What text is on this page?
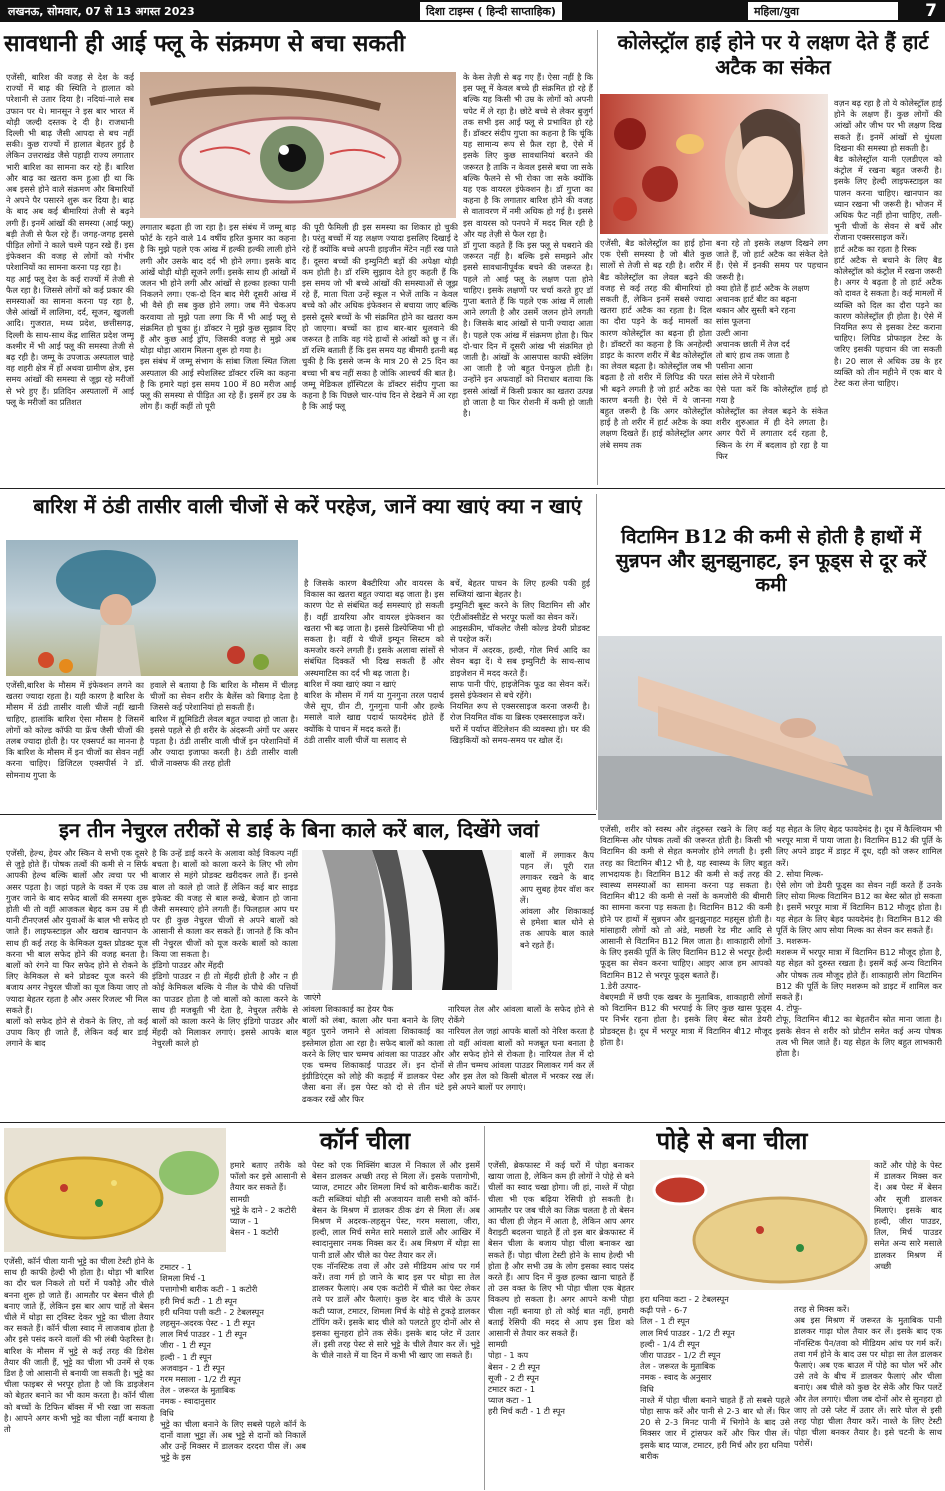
लखनऊ, सोमवार, 07 से 13 अगस्त 2023	दिशा टाइम्स ( हिन्दी साप्ताहिक)	महिला/युवा	7
सावधानी ही आई फ्लू के संक्रमण से बचा सकती
एजेंसी, बारिश की वजह से देश के कई राज्यों में बाढ़ की स्थिति ने हालात को परेशानी से उतार दिया है। नदियां-नाले सब उफान पर थे। मानसून ने इस बार भारत में थोड़ी जल्दी दस्तक दे दी है। राजधानी दिल्ली भी बाढ़ जैसी आपदा से बच नहीं सकी। कुछ राज्यों में हालात बेहतर हुई है लेकिन उत्तराखंड जैसे पहाड़ी राज्य लगातार भारी बारिश का सामना कर रहे हैं। बारिश और बाढ़ का खतरा कम हुआ ही था कि अब इससे होने वाले संक्रमण और बिमारियों ने अपने पैर पसारने शुरू कर दिया है। बाढ़ के बाद अब कई बीमारियां तेजी से बढ़ने लगी हैं। इनमें आंखों की समस्या (आई फ्लू) बड़ी तेजी से फैल रहे हैं। जगह-जगह इससे पीड़ित लोगों ने काले चश्मे पहन रखे हैं। इस इंफेक्शन की वजह से लोगों को गंभीर परेशानियों का सामना करना पड़ रहा है।
यह आई फ्लू देश के कई राज्यों में तेजी से फैल रहा है। जिससे लोगों को कई प्रकार की समस्याओं का सामना करना पड़ रहा है, जैसे आंखों में लालिमा, दर्द, सूजन, खुजली आदि। गुजरात, मध्य प्रदेश, छत्तीसगढ़, दिल्ली के साथ-साथ केंद्र शासित प्रदेश जम्मू कश्मीर में भी आई फ्लू की समस्या तेजी से बढ़ रही है। जम्मू के उपजाऊ अस्पताल चाहे वह शहरी क्षेत्र में हों अथवा ग्रामीण क्षेत्र, इस समय आंखों की समस्या से जूझ रहे मरीजों से भरे हुए हैं। प्रतिदिन अस्पतालों में आई फ्लू के मरीजों का प्रतिशत
लगातार बढ़ता ही जा रहा है। इस संबंध में जम्मू बाड़ फोर्ट के रहने वाले 14 वर्षीय हरित कुमार का कहना है कि मुझे पहले एक आंख में हल्की हल्की लाली होने लगी और उसके बाद दर्द भी होने लगा। इसके बाद आंखें थोड़ी थोड़ी सूजने लगीं। इसके साथ ही आंखों में जलन भी होने लगी और आंखों से हल्का हल्का पानी निकलने लगा। एक-दो दिन बाद मेरी दूसरी आंख में भी वैसे ही सब कुछ होने लगा। जब मैंने चेकअप करवाया तो मुझे पता लगा कि मैं भी आई फ्लू से संक्रमित हो चुका हूं। डॉक्टर ने मुझे कुछ सुझाव दिए हैं और कुछ आई ड्रॉप, जिसकी वजह से मुझे अब थोड़ा थोड़ा आराम मिलना शुरू हो गया है।
इस संबंध में जम्मू संभाग के सांबा जिला स्थित जिला अस्पताल की आई स्पेशलिस्ट डॉक्टर रश्मि का कहना है कि हमारे यहां इस समय 100 में 80 मरीज आई फ्लू की समस्या से पीड़ित आ रहे हैं। इसमें हर उम्र के लोग हैं। कहीं कहीं तो पूरी
की पूरी फैमिली ही इस समस्या का शिकार हो चुकी है। परंतु बच्चों में यह लक्षण ज्यादा इसलिए दिखाई दे रहे हैं क्योंकि बच्चे अपनी हाइजीन मेंटेन नहीं रख पाते हैं। दूसरा बच्चों की इम्युनिटी बड़ों की अपेक्षा थोड़ी कम होती है। डॉ रश्मि सुझाव देते हुए कहती हैं कि इस समय जो भी बच्चे आंखों की समस्याओं से जूझ रहे हैं, माता पिता उन्हें स्कूल न भेजें ताकि न केवल बच्चे को और अधिक इंफेक्शन से बचाया जाए बल्कि इससे दूसरे बच्चों के भी संक्रमित होने का खतरा कम हो जाएगा। बच्चों का हाथ बार-बार धुलवाने की जरूरत है ताकि वह गंदे हाथों से आंखों को छू न लें। डॉ रश्मि बताती हैं कि इस समय यह बीमारी इतनी बढ़ चुकी है कि इससे जन्म के मात्र 20 से 25 दिन का बच्चा भी बच नहीं सका है जोकि आश्चर्य की बात है।
जम्मू मेडिकल हॉस्पिटल के डॉक्टर संदीप गुप्ता का कहना है कि पिछले चार-पांच दिन से देखने में आ रहा है कि आई फ्लू
के केस तेज़ी से बढ़ गए हैं। ऐसा नहीं है कि इस फ्लू में केवल बच्चे ही संक्रमित हो रहे हैं बल्कि यह किसी भी उम्र के लोगों को अपनी चपेट में ले रहा है। छोटे बच्चे से लेकर बुजुर्ग तक सभी इस आई फ्लू से प्रभावित हो रहे हैं। डॉक्टर संदीप गुप्ता का कहना है कि चूंकि यह सामान्य रूप से फ़ैल रहा है, ऐसे में इसके लिए कुछ सावधानियां बरतने की जरूरत है ताकि न केवल इससे बचा जा सके बल्कि फैलने से भी रोका जा सके क्योंकि यह एक वायरल इंफेक्शन है। डॉ गुप्ता का कहना है कि लगातार बारिश होने की वजह से वातावरण में नमी अधिक हो गई है। इससे इस वायरस को पनपने में मदद मिल रही है और यह तेज़ी से फैल रहा है।
डॉ गुप्ता कहते हैं कि इस फ्लू से घबराने की जरूरत नहीं है। बल्कि इसे समझने और इससे सावधानीपूर्वक बचने की जरूरत है। पहले तो आई फ्लू के लक्षण पता होने चाहिए। इसके लक्षणों पर चर्चा करते हुए डॉ गुप्ता बताते हैं कि पहले एक आंख में लाली आने लगती है और उसमें जलन होने लगती है। जिसके बाद आंखों से पानी ज्यादा आता है। पहले एक आंख में संक्रमण होता है। फिर दो-चार दिन में दूसरी आंख भी संक्रमित हो जाती है। आंखों के आसपास काफी स्वेलिंग आ जाती है जो बहुत पेनफुल होती है। उन्होंने इन अफवाहों को निराधार बताया कि इससे आंखों में किसी प्रकार का खतरा उत्पन्न हो जाता है या फिर रोशनी में कमी हो जाती है।
कोलेस्ट्रॉल हाई होने पर ये लक्षण देते हैं हार्ट अटैक का संकेत
एजेंसी, बैड कोलेस्ट्रॉल का हाई होना एक ऐसी समस्या है जो बीते कुछ सालों से तेजी से बढ़ रही है। शरीर में बैड कोलेस्ट्रॉल का लेवल बढ़ने की वजह से कई तरह की बीमारियां हो सकती हैं, लेकिन इनमें सबसे ज्यादा खतरा हार्ट अटैक का रहता है। दिल का दौरा पड़ने के कई मामलों का कारण कोलेस्ट्रॉल का बढ़ना ही होता है। डॉक्टरों का कहना है कि अनहेल्दी डाइट के कारण शरीर में बैड कोलेस्ट्रॉल का लेवल बढ़ता है। कोलेस्ट्रॉल जब भी बढ़ता है तो शरीर में लिपिड की परत भी बढ़ने लगती है जो हार्ट अटैक का कारण बनती है। ऐसे में ये जानना बहुत जरूरी है कि अगर कोलेस्ट्रॉल हाई है तो शरीर में हार्ट अटैक के क्या लक्षण दिखते हैं। हाई कोलेस्ट्रॉल अगर लंबे समय तक
बना रहे तो इसके लक्षण दिखने लग जाते हैं, जो हार्ट अटैक का संकेत देते हैं। ऐसे में इनकी समय पर पहचान जरूरी है।
क्या होते हैं हार्ट अटैक के लक्षण
अचानक हार्ट बीट का बढ़ना
थकान और सुस्ती बने रहना
सांस फूलना
उल्टी आना
अचानक छाती में तेज दर्द
तो बाएं हाथ तक जाता है
पसीना आना
सांस लेने में परेशानी
ऐसे पता करें कि कोलेस्ट्रॉल हाई हो गया है
कोलेस्ट्रॉल का लेवल बढ़ने के संकेत शरीर शुरुआत में ही देने लगता है। अगर पैरों में लगातार दर्द रहता है, स्किन के रंग में बदलाव हो रहा है या फिर
वज़न बढ़ रहा है तो ये कोलेस्ट्रॉल हाई होने के लक्षण हैं। कुछ लोगों की आंखों और जीभ पर भी लक्षण दिख सकते हैं। इनमें आंखों से धुंधला दिखना की समस्या हो सकती है।
बैड कोलेस्ट्रॉल यानी एलडीएल को कंट्रोल में रखना बहुत जरूरी है। इसके लिए हेल्दी लाइफस्टाइल का पालन करना चाहिए। खानपान का ध्यान रखना भी जरूरी है। भोजन में अधिक फैट नहीं होना चाहिए, तली-भुनी चीजों के सेवन से बचें और रोजाना एक्सरसाइज करें।
हार्ट अटैक का रहता है रिस्क
हार्ट अटैक से बचाने के लिए बैड कोलेस्ट्रॉल को कंट्रोल में रखना जरूरी है। अगर ये बढ़ता है तो हार्ट अटैक को दावत दे सकता है। कई मामलों में व्यक्ति को दिल का दौरा पड़ने का कारण कोलेस्ट्रॉल ही होता है। ऐसे में नियमित रूप से इसका टेस्ट कराना चाहिए। लिपिड प्रोफाइल टेस्ट के जरिए इसकी पहचान की जा सकती है। 20 साल से अधिक उम्र के हर व्यक्ति को तीन महीने में एक बार ये टेस्ट करा लेना चाहिए।
बारिश में ठंडी तासीर वाली चीजों से करें परहेज, जानें क्या खाएं क्या न खाएं
एजेंसी,बारिश के मौसम में इंफेक्शन लगने का खतरा ज्यादा रहता है। यही कारण है बारिश के मौसम में ठंडी तासीर वाली चीजें नहीं खानी चाहिए, हालांकि बारिश ऐसा मौसम है जिसमें लोगों को कोल्ड कॉफी या फ्रेंच जैसी चीजों की तलब ज्यादा होती है। पर एक्सपर्ट का मानना है कि बारिश के मौसम में इन चीजों का सेवन नहीं करना चाहिए। डिजिटल एक्सपीर्स ने डॉ. सोमनाथ गुप्ता के
हवाले से बताया है कि बारिश के मौसम में चीलड़ चीजों का सेवन शरीर के बैलेंस को बिगाड़ देता है जिससे कई परेशानियां हो सकती हैं।
बारिश में ह्यूमिडिटी लेवल बहुत ज्यादा हो जाता है। इससे पहले से ही शरीर के अंदरूनी अंगों पर असर पड़ता है। ठंडी तासीर वाली चीजें इन परेशानियों में और ज्यादा इजाफा करती है। ठंडी तासीर वाली चीजें नाक्सफ की तरह होती
है जिसके कारण बैक्टीरिया और वायरस के विकास का खतरा बहुत ज्यादा बढ़ जाता है। इस कारण पेट से संबंधित कई समस्याएं हो सकती हैं। वहीं डायरिया और वायरल इंफेक्शन का खतरा भी बढ़ जाता है। इससे डिस्पेप्सिया भी हो सकता है। वहीं ये चीजें इम्यून सिस्टम को कमजोर करने लगती हैं। इसके अलावा सांसों से संबंधित दिक्कतें भी दिख सकती हैं और अस्थमाटिस का दर्द भी बढ़ जाता है।
बारिश में क्या खाएं क्या न खाएं
बारिश के मौसम में गर्म या गुनगुना तरल पदार्थ जैसे सूप, ग्रीन टी, गुनगुना पानी और हल्के मसाले वाले खाद्य पदार्थ फायदेमंद होते हैं क्योंकि ये पाचन में मदद करते हैं।
ठंडी तासीर वाली चीजें या सलाद से
बचें, बेहतर पाचन के लिए हल्की पकी हुई सब्जियां खाना बेहतर है।
इम्युनिटी बूस्ट करने के लिए विटामिन सी और एंटीऑक्सीडेंट से भरपूर फलों का सेवन करें।
आइसक्रीम, चॉकलेट जैसी कोल्ड डेयरी प्रोडक्ट से परहेज करें।
भोजन में अदरक, हल्दी, गोल मिर्च आदि का सेवन बढ़ा दें। ये सब इम्युनिटी के साथ-साथ डाइजेशन में मदद करते हैं।
साफ पानी पीएं, हाइजेनिक फूड का सेवन करें। इससे इंफेक्शन से बचे रहेंगे।
नियमित रूप से एक्सरसाइज करना जरूरी है। रोज नियमित वॉक या ब्रिस्क एक्सरसाइज करें।
घरों में पर्याप्त वेंटिलेशन की व्यवस्था हो। घर की खिड़कियों को समय-समय पर खोल दें।
विटामिन B12 की कमी से होती है हाथों में सुन्नपन और झुनझुनाहट, इन फूड्स से दूर करें कमी
एजेंसी, शरीर को स्वस्थ और तंदुरुस्त रखने के लिए कई विटामिन्स और पोषक तत्वों की जरूरत होती है। किसी भी विटामिन की कमी से सेहत कमजोर होने लगती है। इसी तरह का विटामिन बी12 भी है, यह स्वास्थ्य के लिए बहुत लाभदायक है। विटामिन B12 की कमी से कई तरह की स्वास्थ्य समस्याओं का सामना करना पड़ सकता है। विटामिन बी12 की कमी से नसों के कमजोरी की बीमारी का सामना करना पड़ सकता है। विटामिन B12 की कमी होने पर हाथों में सुन्नपन और झुनझुनाहट महसूस होती है। मांसाहारी लोगों को तो अंडे, मछली रेड मीट आदि से आसानी से विटामिन B12 मिल जाता है। शाकाहारी लोगों के लिए इसकी पूर्ति के लिए विटामिन B12 से भरपूर हेल्दी फूड्स का सेवन करना चाहिए। आइए आज हम आपको विटामिन B12 से भरपूर फूड्स बताते हैं।
1.डेरी उत्पाद-
वेबएमडी में छपी एक खबर के मुताबिक, शाकाहारी लोगों को विटामिन B12 की भरपाई के लिए कुछ खास फूड्स पर निर्भर रहना होता है। इसके लिए बेस्ट स्रोत डेयरी प्रोडक्ट्स है। दूध में भरपूर मात्रा में विटामिन बी12 मौजूद होता है।
यह सेहत के लिए बेहद फायदेमंद है। दूध में कैल्शियम भी भरपूर मात्रा में पाया जाता है। विटामिन B12 की पूर्ति के लिए अपने डाइट में डाइट में दूध, दही को जरूर शामिल करें।
2. सोया मिल्क-
ऐसे लोग जो डेयरी फूड्स का सेवन नहीं करते हैं उनके लिए सोया मिल्क विटामिन B12 का बेस्ट स्रोत हो सकता है। इसमें भरपूर मात्रा में विटामिन B12 मौजूद होता है। यह सेहत के लिए बेहद फायदेमंद है। विटामिन B12 की पूर्ति के लिए आप सोया मिल्क का सेवन कर सकते हैं।
3. मशरूम-
मशरूम में भरपूर मात्रा में विटामिन B12 मौजूद होता है, यह सेहत को दुरुस्त रखता है। इसमें कई अन्य विटामिन और पोषक तत्व मौजूद होते हैं। शाकाहारी लोग विटामिन B12 की पूर्ति के लिए मशरूम को डाइट में शामिल कर सकते हैं।
4. टोफू-
टोफू, विटामिन बी12 का बेहतरीन स्रोत माना जाता है। इसके सेवन से शरीर को प्रोटीन समेत कई अन्य पोषक तत्व भी मिल जाते हैं। यह सेहत के लिए बहुत लाभकारी होता है।
इन तीन नेचुरल तरीकों से डाई के बिना काले करें बाल, दिखेंगे जवां
एजेंसी, हेल्थ, हेयर और स्किन ये सभी एक दूसरे से जुड़े होते हैं। पोषक तत्वों की कमी से न सिर्फ आपकी हेल्थ बल्कि बालों और त्वचा पर भी असर पड़ता है। जहां पहले के वक्त में एक उम्र गुजर जाने के बाद सफेद बालों की समस्या शुरू होती थी तो वहीं आजकल बेहद कम उम्र में ही यानी टीनएजर्स और युवाओं के बाल भी सफेद हो जाते हैं। लाइफस्टाइल और खराब खानपान के साथ ही कई तरह के केमिकल युक्त प्रोडक्ट यूज करना भी बाल सफेद होने की वजह बनता है। बालों को रंगने या फिर सफेद होने से रोकने के लिए केमिकल से बने प्रोडक्ट यूज करने की बजाय अगर नेचुरल चीजों का यूज किया जाए तो ज्यादा बेहतर रहता है और असर रिजल्ट भी मिल सकते हैं।
बालों को सफेद होने से रोकने के लिए, तो कई उपाय किए ही जाते हैं, लेकिन कई बार डाई लगाने के बाद
है कि उन्हें डाई करने के अलावा कोई विकल्प नहीं बचता है। बालों को काला करने के लिए भी लोग बाजार से महंगे प्रोडक्ट खरीदकर लाते हैं। इनसे बाल तो काले हो जाते हैं लेकिन कई बार साइड इफेक्ट की वजह से बाल रूखे, बेजान हो जाना जैसी समस्याएं होने लगती हैं। फिलहाल आप घर पर ही कुछ नेचुरल चीजों से अपने बालों को आसानी से काला कर सकते हैं। जानते हैं कि कौन सी नेचुरल चीजों को यूज करके बालों को काला किया जा सकता है।
इंडिगो पाउडर और मेंहदी
इंडिगो पाउडर न ही तो मेंहदी होती है और न ही कोई केमिकल बल्कि ये नील के पौधे की पत्तियों का पाउडर होता है जो बालों को काला करने के साथ ही मजबूती भी देता है, नेचुरल तरीके से बालों को काला करने के लिए इंडिगो पाउडर और मेंहदी को मिलाकर लगाएं। इससे आपके बाल नेचुरली काले हो
जाएंगे
बालों में लगाकर कैप पहन लें। पूरी रात लगाकर रखने के बाद आप सुबह हेयर वॉश कर लें।
आंवला और शिकाकाई से हमेशा बाल धोने से तक आपके बाल काले बने रहते हैं।
आंवला शिकाकाई का हेयर पैक
बालों को लंबा, काला और घना बनाने के लिए बहुत पुराने जमाने से आंवला शिकाकाई का इस्तेमाल होता आ रहा है। सफेद बालों को काला करने के लिए चार चम्मच आंवला का पाउडर और एक चम्मच शिकाकाई पाउडर लें। इन दोनों इंग्रीडिएंट्स को लोहे की कड़ाई में डालकर पेस्ट जैसा बना लें। इस पेस्ट को दो से तीन घंटे ढककर रखें और फिर
नारियल तेल और आंवला बालों के सफेद होने से रोकेंगे
नारियल तेल जहां आपके बालों को नेरिश करता है तो वहीं आंवला बालों को मजबूत घना बनाता है और सफेद होने से रोकता है। नारियल तेल में दो से तीन चम्मच आंवला पाउडर मिलाकर गर्म कर लें और इस तेल को किसी बोतल में भरकर रख लें। इसे अपने बालों पर लगाएं।
कॉर्न चीला
एजेंसी, कॉर्न चीला यानी भुट्टे का चीला टेस्टी होने के साथ ही काफी हेल्दी भी होता है। थोड़ा भी बारिश का दौर चल निकले तो घरों में पकौड़े और चीले बनना शुरू हो जाते हैं। आमतौर पर बेसन चीले ही बनाए जाते हैं, लेकिन इस बार आप चाहें तो बेसन चीले में थोड़ा सा ट्विस्ट देकर भुट्टे का चीला तैयार कर सकते हैं। कॉर्न चीला स्वाद में लाजवाब होता है और इसे पसंद करने वालों की भी लंबी फेहरिस्त है। बारिश के मौसम में भुट्टे से कई तरह की डिशेस तैयार की जाती हैं, भुट्टे का चीला भी उनमें से एक डिश है जो आसानी से बनायी जा सकती है। भुट्टे का चीला फाइबर से भरपूर होता है जो कि डाइजेशन को बेहतर बनाने का भी काम करता है। कॉर्न चीला को बच्चों के टिफिन बॉक्स में भी रखा जा सकता है। आपने अगर कभी भुट्टे का चीला नहीं बनाया है तो
हमारे बताए तरीके को फॉलो कर इसे आसानी से तैयार कर सकते हैं।
सामग्री
भुट्टे के दाने - 2 कटोरी
प्याज - 1
बेसन - 1 कटोरी
टमाटर - 1
शिमला मिर्च -1
पत्तागोभी बारीक कटी - 1 कटोरी
हरी मिर्च कटी - 1 टी स्पून
हरी धनिया पत्ती कटी - 2 टेबलस्पून
लहसुन-अदरक पेस्ट - 1 टी स्पून
लाल मिर्च पाउडर - 1 टी स्पून
जीरा - 1 टी स्पून
हल्दी - 1 टी स्पून
अजवाइन - 1 टी स्पून
गरम मसाला - 1/2 टी स्पून
तेल - जरूरत के मुताबिक
नमक - स्वादानुसार
विधि
भुट्टे का चीला बनाने के लिए सबसे पहले कॉर्न के दानों वाला भुट्टा लें। अब भुट्टे से दानों को निकालें और उन्हें मिक्सर में डालकर दरदरा पीस लें। अब भुट्टे के इस
पेस्ट को एक मिक्सिंग बाउल में निकाल लें और इसमें बेसन डालकर अच्छी तरह से मिला लें। इसके पत्तागोभी, प्याज, टमाटर और शिमला मिर्च को बारीक-बारीक काटें। कटी सब्जियां थोड़ी सी अजवायन वाली सभी को कॉर्न-बेसन के मिश्रण में डालकर ठीक ढंग से मिला लें। अब मिश्रण में अदरक-लहसुन पेस्ट, गरम मसाला, जीरा, हल्दी, लाल मिर्च समेत सारे मसाले डालें और आखिर में स्वादानुसार नमक मिक्स कर दें। अब मिश्रण में थोड़ा सा पानी डालें और चीले का पेस्ट तैयार कर लें।
एक नॉनस्टिक तवा लें और उसे मीडियम आंच पर गर्म करें। तवा गर्म हो जाने के बाद इस पर थोड़ा सा तेल डालकर फैलाएं। अब एक कटोरी में चीले का पेस्ट लेकर तवे पर डालें और फैलाएं। कुछ देर बाद चीले के ऊपर कटी प्याज, टमाटर, शिमला मिर्च के थोड़े से टुकड़े डालकर टॉपिंग करें। इसके बाद चीले को पलटते हुए दोनों ओर से इसका सुनहरा होने तक सेकें। इसके बाद प्लेट में उतार लें। इसी तरह पेस्ट से सारे भुट्टे के चीले तैयार कर लें। भुट्टे के चीले नाश्ते में या दिन में कभी भी खाए जा सकते हैं।
पोहे से बना चीला
एजेंसी, ब्रेकफास्ट में कई घरों में पोहा बनाकर खाया जाता है, लेकिन कम ही लोगों ने पोहे से बने चीलों का स्वाद चखा होगा। जी हां, नाश्ते में पोहा चीला भी एक बढ़िया रेसिपी हो सकती है। आमतौर पर जब चीले का जिक्र चलता है तो बेसन का चीला ही जेहन में आता है, लेकिन आप अगर वैराइटी बदलना चाहते हैं तो इस बार ब्रेकफास्ट में बेसन चीला के बजाय पोहा चीला बनाकर खा सकते हैं। पोहा चीला टेस्टी होने के साथ हेल्दी भी होता है और सभी उम्र के लोग इसका स्वाद पसंद करते हैं। आप दिन में कुछ हल्का खाना चाहते हैं तो उस वक्त के लिए भी पोहा चीला एक बेहतर विकल्प हो सकता है। अगर आपने कभी पोहा चीला नहीं बनाया हो तो कोई बात नहीं, हमारी बताई रेसिपी की मदद से आप इस डिश को आसानी से तैयार कर सकते हैं।
सामग्री
पोहा - 1 कप
बेसन - 2 टी स्पून
सूजी - 2 टी स्पून
टमाटर कटा - 1
प्याज कटा - 1
हरी मिर्च कटी - 1 टी स्पून
हरा धनिया कटा - 2 टेबलस्पून
कढ़ी पत्ते - 6-7
तिल - 1 टी स्पून
लाल मिर्च पाउडर - 1/2 टी स्पून
हल्दी - 1/4 टी स्पून
जीरा पाउडर - 1/2 टी स्पून
तेल - जरूरत के मुताबिक
नमक - स्वाद के अनुसार
विधि
नाश्ते में पोहा चीला बनाने चाहते हैं तो सबसे पहले पोहा साफ करें और पानी से 2-3 बार धो लें। फिर 20 से 2-3 मिनट पानी में भिगोने के बाद उसे मिक्सर जार में ट्रांसफर करें और फिर पीस लें। इसके बाद प्याज, टमाटर, हरी मिर्च और हरा धनिया बारीक
काटें और पोहे के पेस्ट में डालकर मिक्स कर दें। अब पेस्ट में बेसन और सूजी डालकर मिलाएं। इसके बाद हल्दी, जीरा पाउडर, तिल, मिर्च पाउडर समेत अन्य सारे मसाले डालकर मिश्रण में अच्छी
तरह से मिक्स करें।
अब इस मिश्रण में जरूरत के मुताबिक पानी डालकर गाढ़ा घोल तैयार कर लें। इसके बाद एक नॉनस्टिक पैन/तवा को मीडियम आंच पर गर्म करें। तवा गर्म होने के बाद उस पर थोड़ा सा तेल डालकर फैलाएं। अब एक बाउल में पोहे का घोल भरें और उसे तवे के बीच में डालकर फैलाएं और चीला बनाएं। अब चीले को कुछ देर सेकें और फिर पलटें और तेल लगाएं। चीला जब दोनों ओर से सुनहरा हो जाए तो उसे प्लेट में उतार लें। सारे घोल से इसी तरह पोहा चीला तैयार करें। नाश्ते के लिए टेस्टी पोहा चीला बनकर तैयार है। इसे चटनी के साथ परोसें।
